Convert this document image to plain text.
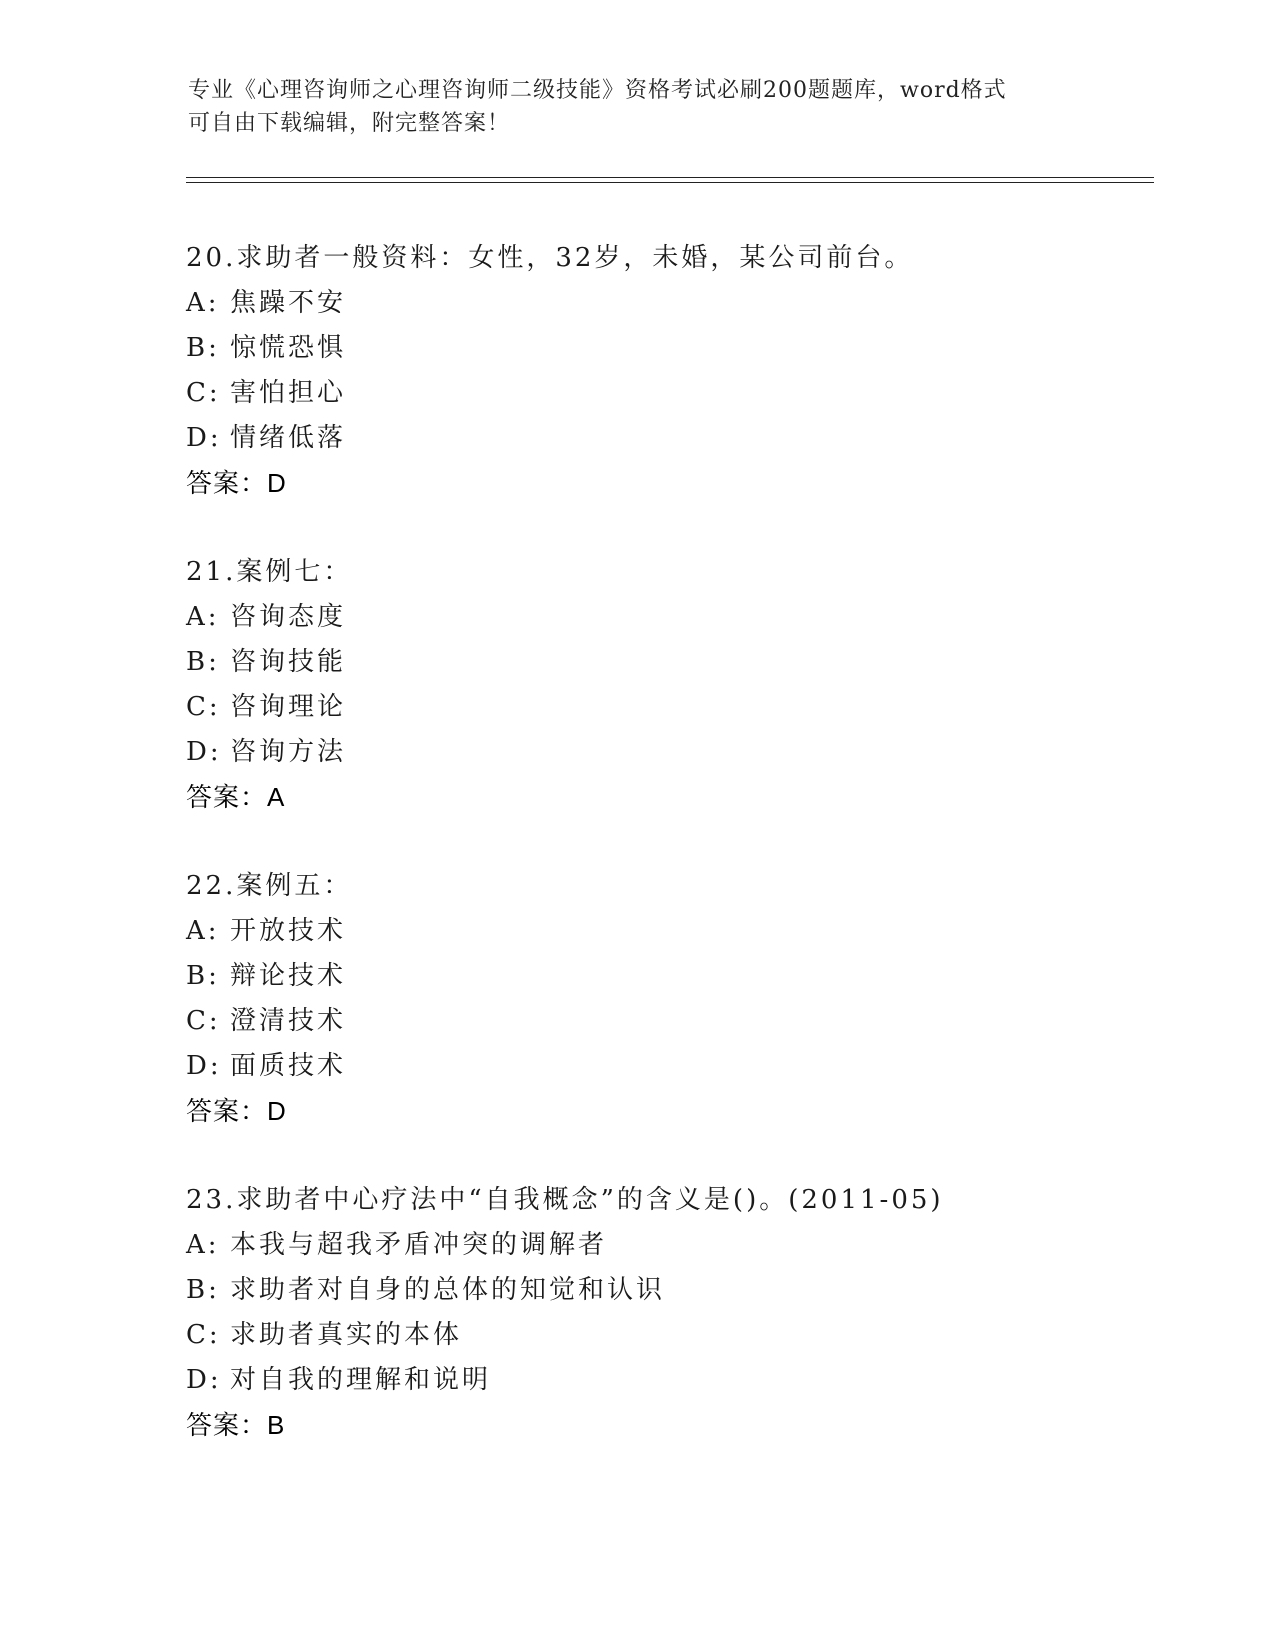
专业《心理咨询师之心理咨询师二级技能》资格考试必刷200题题库，word格式
可自由下载编辑，附完整答案！
20.求助者一般资料：女性，32岁，未婚，某公司前台。
A: 焦躁不安
B: 惊慌恐惧
C: 害怕担心
D: 情绪低落
答案：D
21.案例七：
A: 咨询态度
B: 咨询技能
C: 咨询理论
D: 咨询方法
答案：A
22.案例五：
A: 开放技术
B: 辩论技术
C: 澄清技术
D: 面质技术
答案：D
23.求助者中心疗法中“自我概念”的含义是()。(2011-05)
A: 本我与超我矛盾冲突的调解者
B: 求助者对自身的总体的知觉和认识
C: 求助者真实的本体
D: 对自我的理解和说明
答案：B
